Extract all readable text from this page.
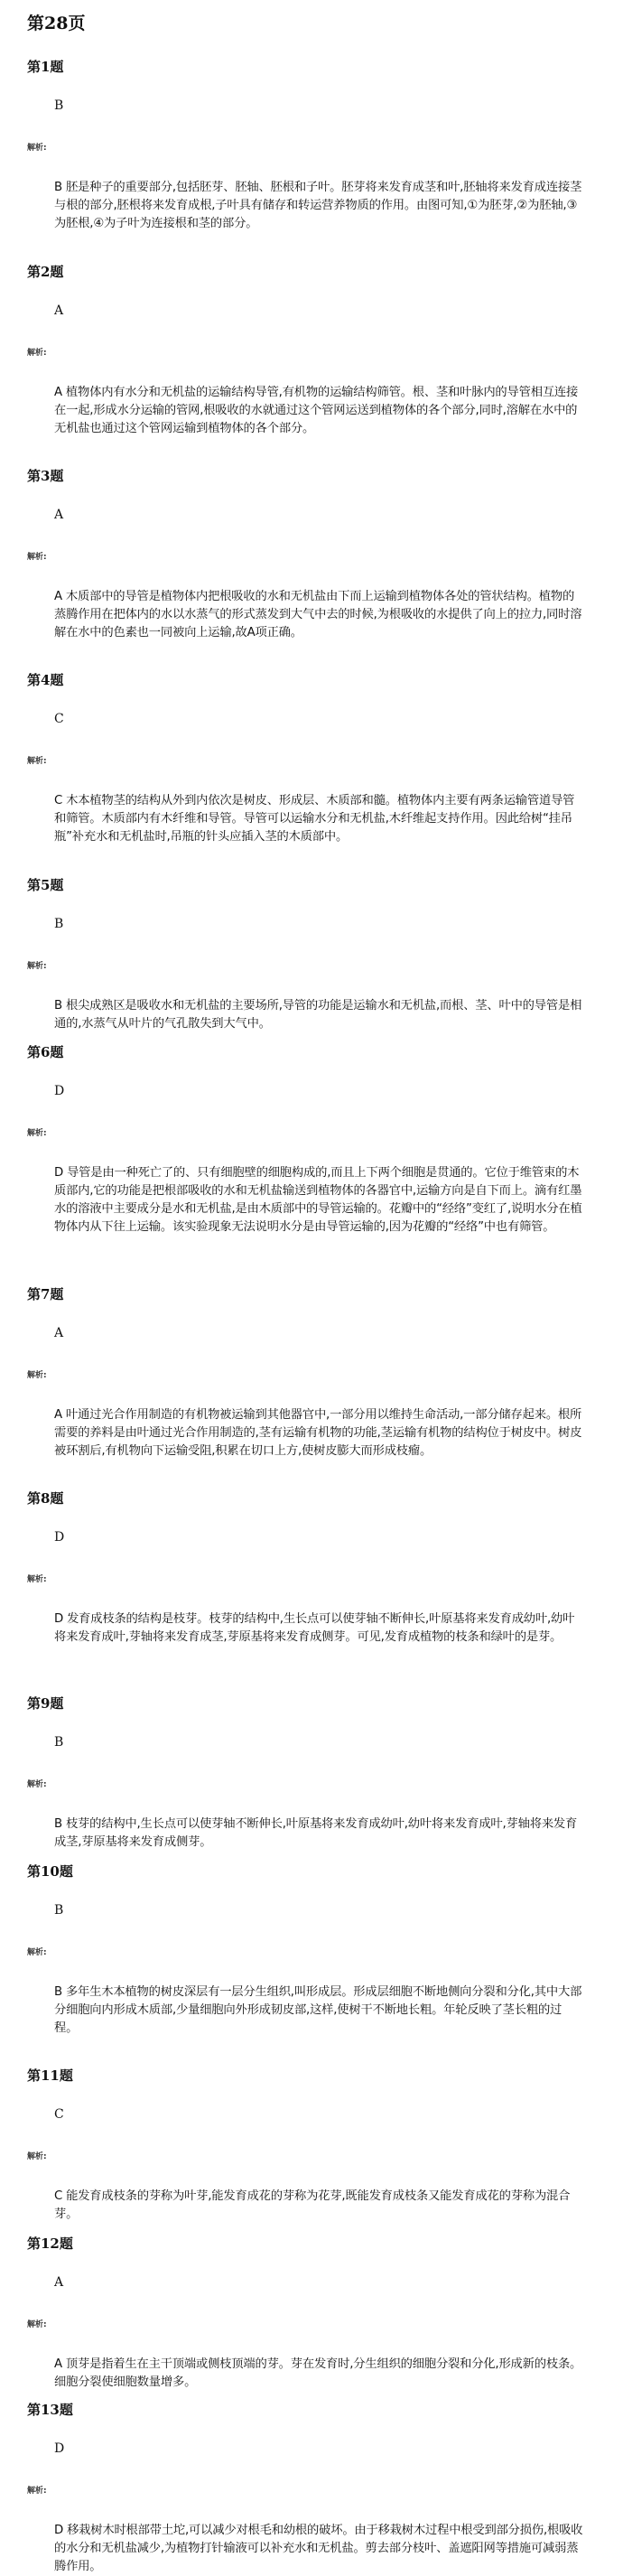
第28页
第1题
B
解析:
B 胚是种子的重要部分,包括胚芽、胚轴、胚根和子叶。胚芽将来发育成茎和叶,胚轴将来发育成连接茎与根的部分,胚根将来发育成根,子叶具有储存和转运营养物质的作用。由图可知,①为胚芽,②为胚轴,③为胚根,④为子叶为连接根和茎的部分。
第2题
A
解析:
A 植物体内有水分和无机盐的运输结构导管,有机物的运输结构筛管。根、茎和叶脉内的导管相互连接在一起,形成水分运输的管网,根吸收的水就通过这个管网运送到植物体的各个部分,同时,溶解在水中的无机盐也通过这个管网运输到植物体的各个部分。
第3题
A
解析:
A 木质部中的导管是植物体内把根吸收的水和无机盐由下而上运输到植物体各处的管状结构。植物的蒸腾作用在把体内的水以水蒸气的形式蒸发到大气中去的时候,为根吸收的水提供了向上的拉力,同时溶解在水中的色素也一同被向上运输,故A项正确。
第4题
C
解析:
C 木本植物茎的结构从外到内依次是树皮、形成层、木质部和髓。植物体内主要有两条运输管道导管和筛管。木质部内有木纤维和导管。导管可以运输水分和无机盐,木纤维起支持作用。因此给树“挂吊瓶”补充水和无机盐时,吊瓶的针头应插入茎的木质部中。
第5题
B
解析:
B 根尖成熟区是吸收水和无机盐的主要场所,导管的功能是运输水和无机盐,而根、茎、叶中的导管是相通的,水蒸气从叶片的气孔散失到大气中。
第6题
D
解析:
D 导管是由一种死亡了的、只有细胞壁的细胞构成的,而且上下两个细胞是贯通的。它位于维管束的木质部内,它的功能是把根部吸收的水和无机盐输送到植物体的各器官中,运输方向是自下而上。滴有红墨水的溶液中主要成分是水和无机盐,是由木质部中的导管运输的。花瓣中的“经络”变红了,说明水分在植物体内从下往上运输。该实验现象无法说明水分是由导管运输的,因为花瓣的“经络”中也有筛管。
第7题
A
解析:
A 叶通过光合作用制造的有机物被运输到其他器官中,一部分用以维持生命活动,一部分储存起来。根所需要的养料是由叶通过光合作用制造的,茎有运输有机物的功能,茎运输有机物的结构位于树皮中。树皮被环割后,有机物向下运输受阻,积累在切口上方,使树皮膨大而形成枝瘤。
第8题
D
解析:
D 发育成枝条的结构是枝芽。枝芽的结构中,生长点可以使芽轴不断伸长,叶原基将来发育成幼叶,幼叶将来发育成叶,芽轴将来发育成茎,芽原基将来发育成侧芽。可见,发育成植物的枝条和绿叶的是芽。
第9题
B
解析:
B 枝芽的结构中,生长点可以使芽轴不断伸长,叶原基将来发育成幼叶,幼叶将来发育成叶,芽轴将来发育成茎,芽原基将来发育成侧芽。
第10题
B
解析:
B 多年生木本植物的树皮深层有一层分生组织,叫形成层。形成层细胞不断地侧向分裂和分化,其中大部分细胞向内形成木质部,少量细胞向外形成韧皮部,这样,使树干不断地长粗。年轮反映了茎长粗的过程。
第11题
C
解析:
C 能发育成枝条的芽称为叶芽,能发育成花的芽称为花芽,既能发育成枝条又能发育成花的芽称为混合芽。
第12题
A
解析:
A 顶芽是指着生在主干顶端或侧枝顶端的芽。芽在发育时,分生组织的细胞分裂和分化,形成新的枝条。细胞分裂使细胞数量增多。
第13题
D
解析:
D 移栽树木时根部带土坨,可以减少对根毛和幼根的破坏。由于移栽树木过程中根受到部分损伤,根吸收的水分和无机盐减少,为植物打针输液可以补充水和无机盐。剪去部分枝叶、盖遮阳网等措施可减弱蒸腾作用。
